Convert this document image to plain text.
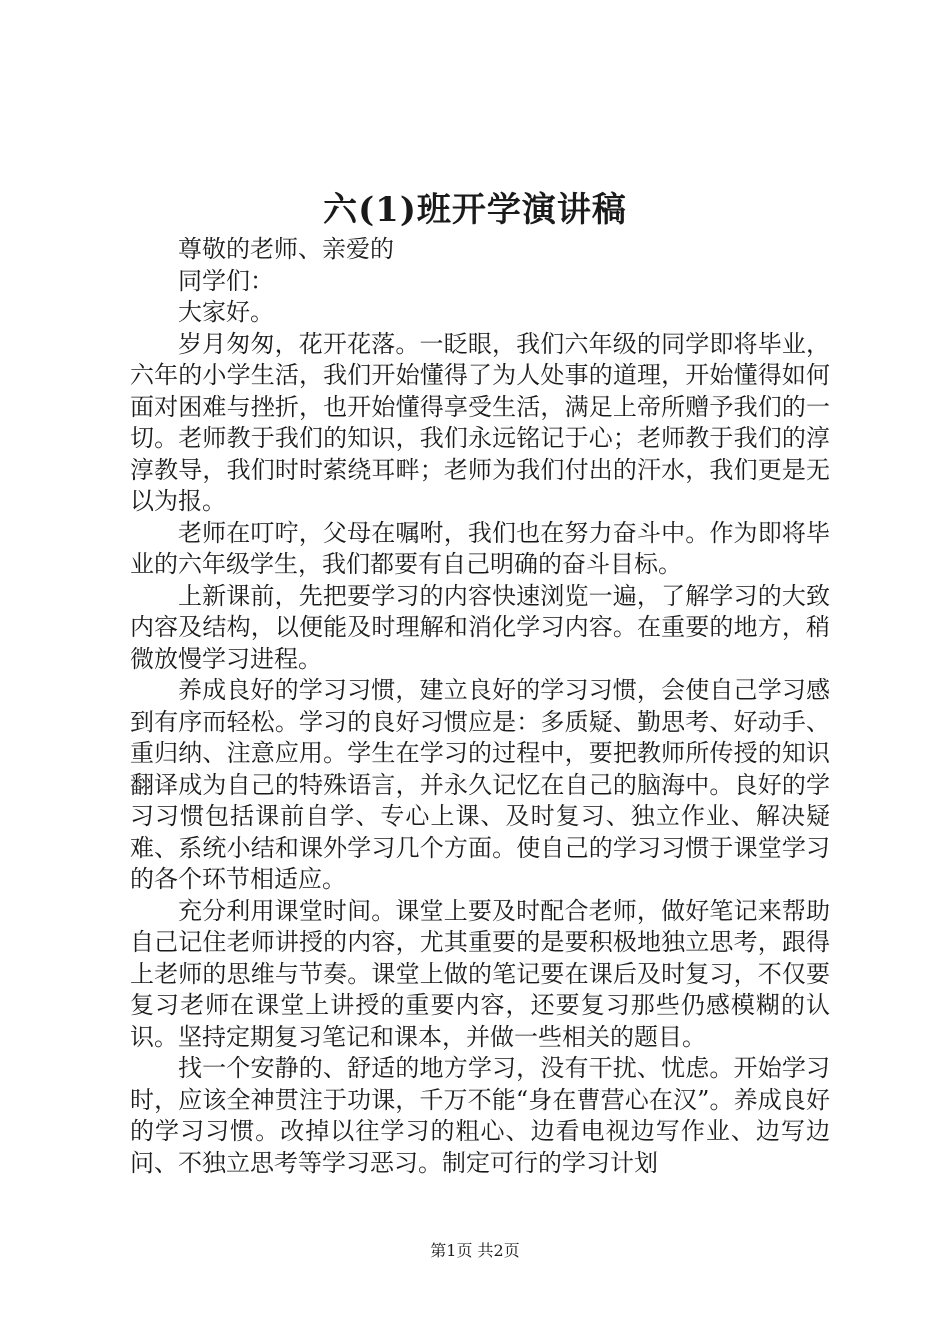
六(1)班开学演讲稿

尊敬的老师、亲爱的

同学们：

大家好。

岁月匆匆，花开花落。一眨眼，我们六年级的同学即将毕业，六年的小学生活，我们开始懂得了为人处事的道理，开始懂得如何面对困难与挫折，也开始懂得享受生活，满足上帝所赠予我们的一切。老师教于我们的知识，我们永远铭记于心；老师教于我们的淳淳教导，我们时时萦绕耳畔；老师为我们付出的汗水，我们更是无以为报。

老师在叮咛，父母在嘱咐，我们也在努力奋斗中。作为即将毕业的六年级学生，我们都要有自己明确的奋斗目标。

上新课前，先把要学习的内容快速浏览一遍，了解学习的大致内容及结构，以便能及时理解和消化学习内容。在重要的地方，稍微放慢学习进程。

养成良好的学习习惯，建立良好的学习习惯，会使自己学习感到有序而轻松。学习的良好习惯应是：多质疑、勤思考、好动手、重归纳、注意应用。学生在学习的过程中，要把教师所传授的知识翻译成为自己的特殊语言，并永久记忆在自己的脑海中。良好的学习习惯包括课前自学、专心上课、及时复习、独立作业、解决疑难、系统小结和课外学习几个方面。使自己的学习习惯于课堂学习的各个环节相适应。

充分利用课堂时间。课堂上要及时配合老师，做好笔记来帮助自己记住老师讲授的内容，尤其重要的是要积极地独立思考，跟得上老师的思维与节奏。课堂上做的笔记要在课后及时复习，不仅要复习老师在课堂上讲授的重要内容，还要复习那些仍感模糊的认识。坚持定期复习笔记和课本，并做一些相关的题目。

找一个安静的、舒适的地方学习，没有干扰、忧虑。开始学习时，应该全神贯注于功课，千万不能“身在曹营心在汉”。养成良好的学习习惯。改掉以往学习的粗心、边看电视边写作业、边写边问、不独立思考等学习恶习。制定可行的学习计划

第1页 共2页
